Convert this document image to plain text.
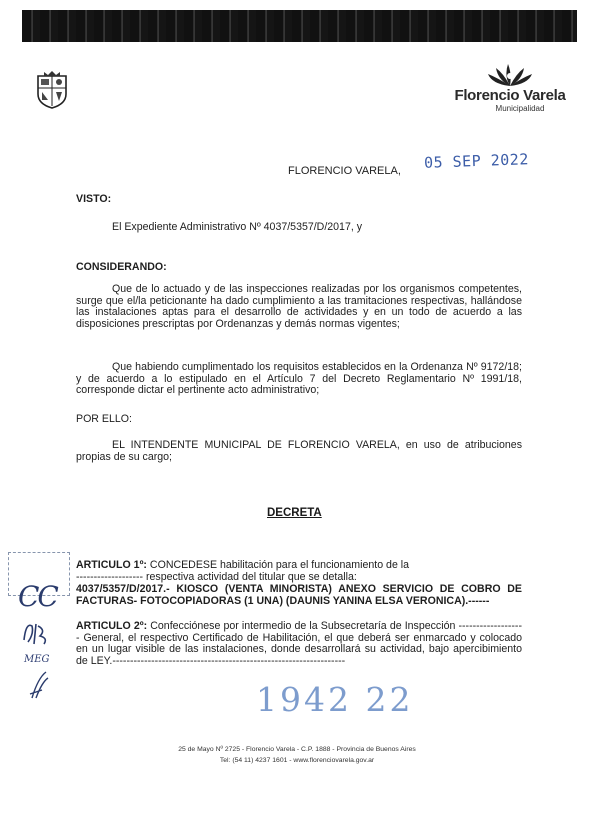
Florencio Varela
Municipalidad
FLORENCIO VARELA, 05 SEP 2022
VISTO:
El Expediente Administrativo Nº 4037/5357/D/2017, y
CONSIDERANDO:
Que de lo actuado y de las inspecciones realizadas por los organismos competentes, surge que el/la peticionante ha dado cumplimiento a las tramitaciones respectivas, hallándose las instalaciones aptas para el desarrollo de actividades y en un todo de acuerdo a las disposiciones prescriptas por Ordenanzas y demás normas vigentes;
Que habiendo cumplimentado los requisitos establecidos en la Ordenanza Nº 9172/18; y de acuerdo a lo estipulado en el Artículo 7 del Decreto Reglamentario Nº 1991/18, corresponde dictar el pertinente acto administrativo;
POR ELLO:
EL INTENDENTE MUNICIPAL DE FLORENCIO VARELA, en uso de atribuciones propias de su cargo;
DECRETA
ARTICULO 1º: CONCEDESE habilitación para el funcionamiento de la
------------------- respectiva actividad del titular que se detalla:
4037/5357/D/2017.- KIOSCO (VENTA MINORISTA) ANEXO SERVICIO DE COBRO DE FACTURAS- FOTOCOPIADORAS (1 UNA) (DAUNIS YANINA ELSA VERONICA).------
ARTICULO 2º: Confecciónese por intermedio de la Subsecretaría de Inspección ------------------- General, el respectivo Certificado de Habilitación, el que deberá ser enmarcado y colocado en un lugar visible de las instalaciones, donde desarrollará su actividad, bajo apercibimiento de LEY.------------------------------------------------------------------
1942 22
CC
MEG
25 de Mayo Nº 2725 - Florencio Varela - C.P. 1888 - Provincia de Buenos Aires
Tel: (54 11) 4237 1601 - www.florenciovarela.gov.ar
